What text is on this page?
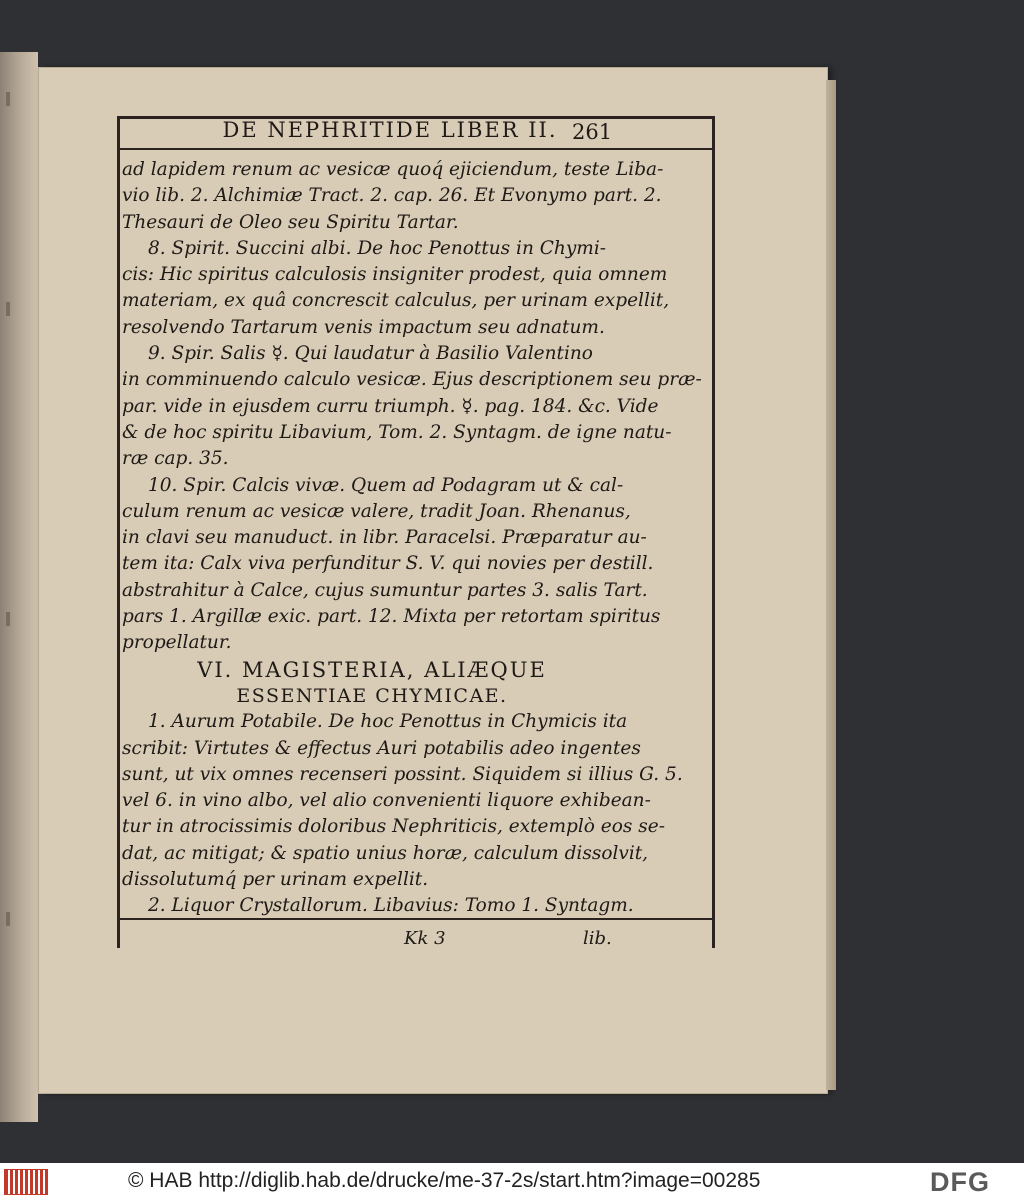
DE NEPHRITIDE LIBER II. 261
ad lapidem renum ac vesicæ quoq́ ejiciendum, teste Liba-
vio lib. 2. Alchimiæ Tract. 2. cap. 26. Et Evonymo part. 2.
Thesauri de Oleo seu Spiritu Tartar.
8. Spirit. Succini albi. De hoc Penottus in Chymi-
cis: Hic spiritus calculosis insigniter prodest, quia omnem
materiam, ex quâ concrescit calculus, per urinam expellit,
resolvendo Tartarum venis impactum seu adnatum.
9. Spir. Salis ☿. Qui laudatur à Basilio Valentino
in comminuendo calculo vesicæ. Ejus descriptionem seu præ-
par. vide in ejusdem curru triumph. ☿. pag. 184. &c. Vide
& de hoc spiritu Libavium, Tom. 2. Syntagm. de igne natu-
ræ cap. 35.
10. Spir. Calcis vivæ. Quem ad Podagram ut & cal-
culum renum ac vesicæ valere, tradit Joan. Rhenanus,
in clavi seu manuduct. in libr. Paracelsi. Præparatur au-
tem ita: Calx viva perfunditur S. V. qui novies per destill.
abstrahitur à Calce, cujus sumuntur partes 3. salis Tart.
pars 1. Argillæ exic. part. 12. Mixta per retortam spiritus
propellatur.
VI. MAGISTERIA, ALIÆQUE
ESSENTIAE CHYMICAE.
1. Aurum Potabile. De hoc Penottus in Chymicis ita
scribit: Virtutes & effectus Auri potabilis adeo ingentes
sunt, ut vix omnes recenseri possint. Siquidem si illius G. 5.
vel 6. in vino albo, vel alio convenienti liquore exhibean-
tur in atrocissimis doloribus Nephriticis, extemplò eos se-
dat, ac mitigat; & spatio unius horæ, calculum dissolvit,
dissolutumq́ per urinam expellit.
2. Liquor Crystallorum. Libavius: Tomo 1. Syntagm.
Kk 3	lib.
© HAB http://diglib.hab.de/drucke/me-37-2s/start.htm?image=00285	DFG
